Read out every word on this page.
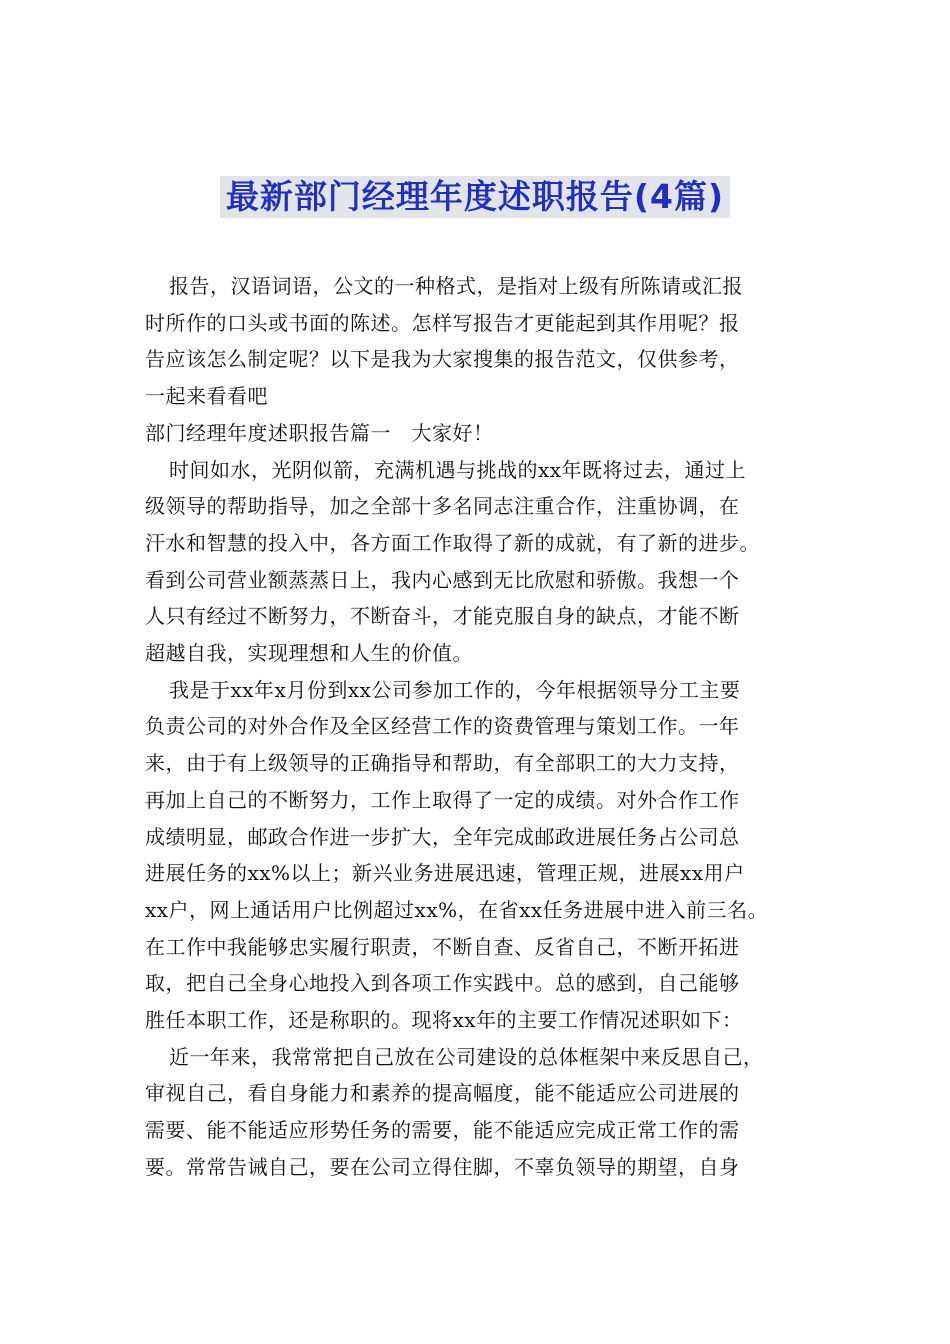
最新部门经理年度述职报告(4篇)

报告，汉语词语，公文的一种格式，是指对上级有所陈请或汇报
时所作的口头或书面的陈述。怎样写报告才更能起到其作用呢？报
告应该怎么制定呢？以下是我为大家搜集的报告范文，仅供参考，
一起来看看吧

部门经理年度述职报告篇一　大家好！

时间如水，光阴似箭，充满机遇与挑战的xx年既将过去，通过上
级领导的帮助指导，加之全部十多名同志注重合作，注重协调，在
汗水和智慧的投入中，各方面工作取得了新的成就，有了新的进步。
看到公司营业额蒸蒸日上，我内心感到无比欣慰和骄傲。我想一个
人只有经过不断努力，不断奋斗，才能克服自身的缺点，才能不断
超越自我，实现理想和人生的价值。

我是于xx年x月份到xx公司参加工作的，今年根据领导分工主要
负责公司的对外合作及全区经营工作的资费管理与策划工作。一年
来，由于有上级领导的正确指导和帮助，有全部职工的大力支持，
再加上自己的不断努力，工作上取得了一定的成绩。对外合作工作
成绩明显，邮政合作进一步扩大，全年完成邮政进展任务占公司总
进展任务的xx%以上；新兴业务进展迅速，管理正规，进展xx用户
xx户，网上通话用户比例超过xx%，在省xx任务进展中进入前三名。
在工作中我能够忠实履行职责，不断自查、反省自己，不断开拓进
取，把自己全身心地投入到各项工作实践中。总的感到，自己能够
胜任本职工作，还是称职的。现将xx年的主要工作情况述职如下：

近一年来，我常常把自己放在公司建设的总体框架中来反思自己，
审视自己，看自身能力和素养的提高幅度，能不能适应公司进展的
需要、能不能适应形势任务的需要，能不能适应完成正常工作的需
要。常常告诫自己，要在公司立得住脚，不辜负领导的期望，自身
